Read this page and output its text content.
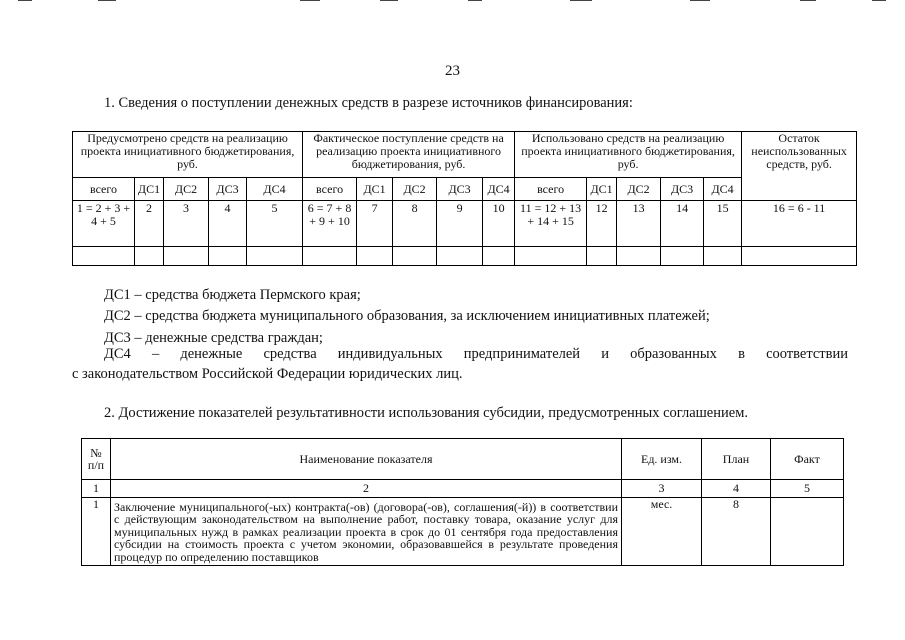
23
1. Сведения о поступлении денежных средств в разрезе источников финансирования:
Предусмотрено средств на реализацию проекта инициативного бюджетирования, руб.					Фактическое поступление средств на реализацию проекта инициативного бюджетирования, руб.					Использовано средств на реализацию проекта инициативного бюджетирования, руб.					Остаток неиспользованных средств, руб.
всего	ДС1	ДС2	ДС3	ДС4	всего	ДС1	ДС2	ДС3	ДС4	всего	ДС1	ДС2	ДС3	ДС4	
1 = 2 + 3 + 4 + 5	2	3	4	5	6 = 7 + 8 + 9 + 10	7	8	9	10	11 = 12 + 13 + 14 + 15	12	13	14	15	16 = 6 - 11

ДС1 – средства бюджета Пермского края;
ДС2 – средства бюджета муниципального образования, за исключением инициативных платежей;
ДС3 – денежные средства граждан;
ДС4 – денежные средства индивидуальных предпринимателей и образованных в соответствии
с законодательством Российской Федерации юридических лиц.
2. Достижение показателей результативности использования субсидии, предусмотренных соглашением.
№ п/п	Наименование показателя	Ед. изм.	План	Факт
1	2	3	4	5
1	Заключение муниципального(-ых) контракта(-ов) (договора(-ов), соглашения(-й)) в соответствии с действующим законодательством на выполнение работ, поставку товара, оказание услуг для муниципальных нужд в рамках реализации проекта в срок до 01 сентября года предоставления субсидии на стоимость проекта с учетом экономии, образовавшейся в результате проведения процедур по определению поставщиков	мес.	8	
